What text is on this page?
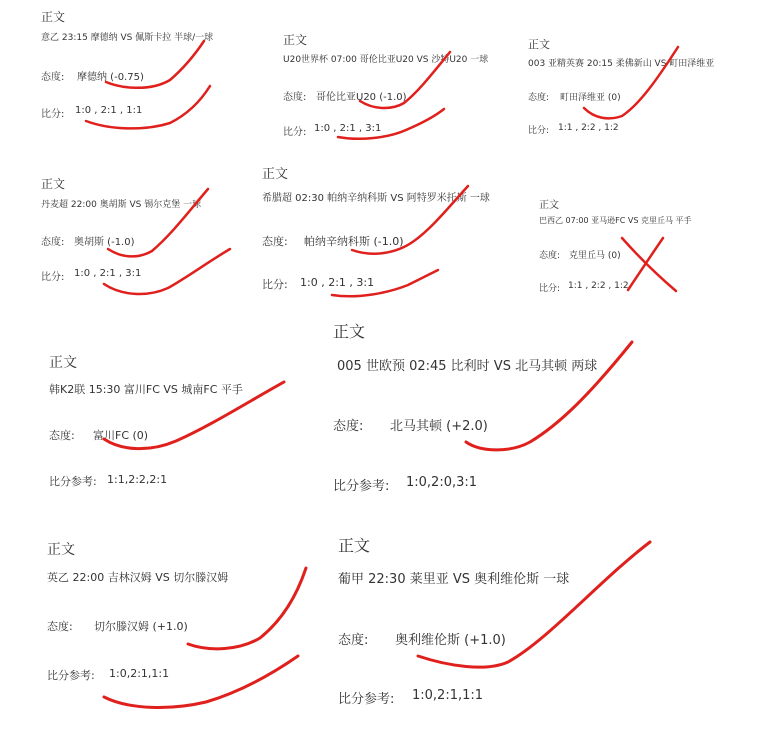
正文
意乙 23:15 摩德纳 VS 佩斯卡拉 半球/一球
态度: 摩德纳 (-0.75)
比分: 1:0 , 2:1 , 1:1
正文
U20世界杯 07:00 哥伦比亚U20 VS 沙特U20 一球
态度: 哥伦比亚U20 (-1.0)
比分: 1:0 , 2:1 , 3:1
正文
003 亚精英赛 20:15 柔佛新山 VS 町田泽维亚
态度: 町田泽维亚 (0)
比分: 1:1 , 2:2 , 1:2
正文
丹麦超 22:00 奥胡斯 VS 锡尔克堡 一球
态度: 奥胡斯 (-1.0)
比分: 1:0 , 2:1 , 3:1
正文
希腊超 02:30 帕纳辛纳科斯 VS 阿特罗米托斯 一球
态度: 帕纳辛纳科斯 (-1.0)
比分: 1:0 , 2:1 , 3:1
正文
巴西乙 07:00 亚马逊FC VS 克里丘马 平手
态度: 克里丘马 (0)
比分: 1:1 , 2:2 , 1:2
正文
韩K2联 15:30 富川FC VS 城南FC 平手
态度: 富川FC (0)
比分参考: 1:1,2:2,2:1
正文
005 世欧预 02:45 比利时 VS 北马其顿 两球
态度: 北马其顿 (+2.0)
比分参考: 1:0,2:0,3:1
正文
英乙 22:00 吉林汉姆 VS 切尔滕汉姆
态度: 切尔滕汉姆 (+1.0)
比分参考: 1:0,2:1,1:1
正文
葡甲 22:30 莱里亚 VS 奥利维伦斯 一球
态度: 奥利维伦斯 (+1.0)
比分参考: 1:0,2:1,1:1
